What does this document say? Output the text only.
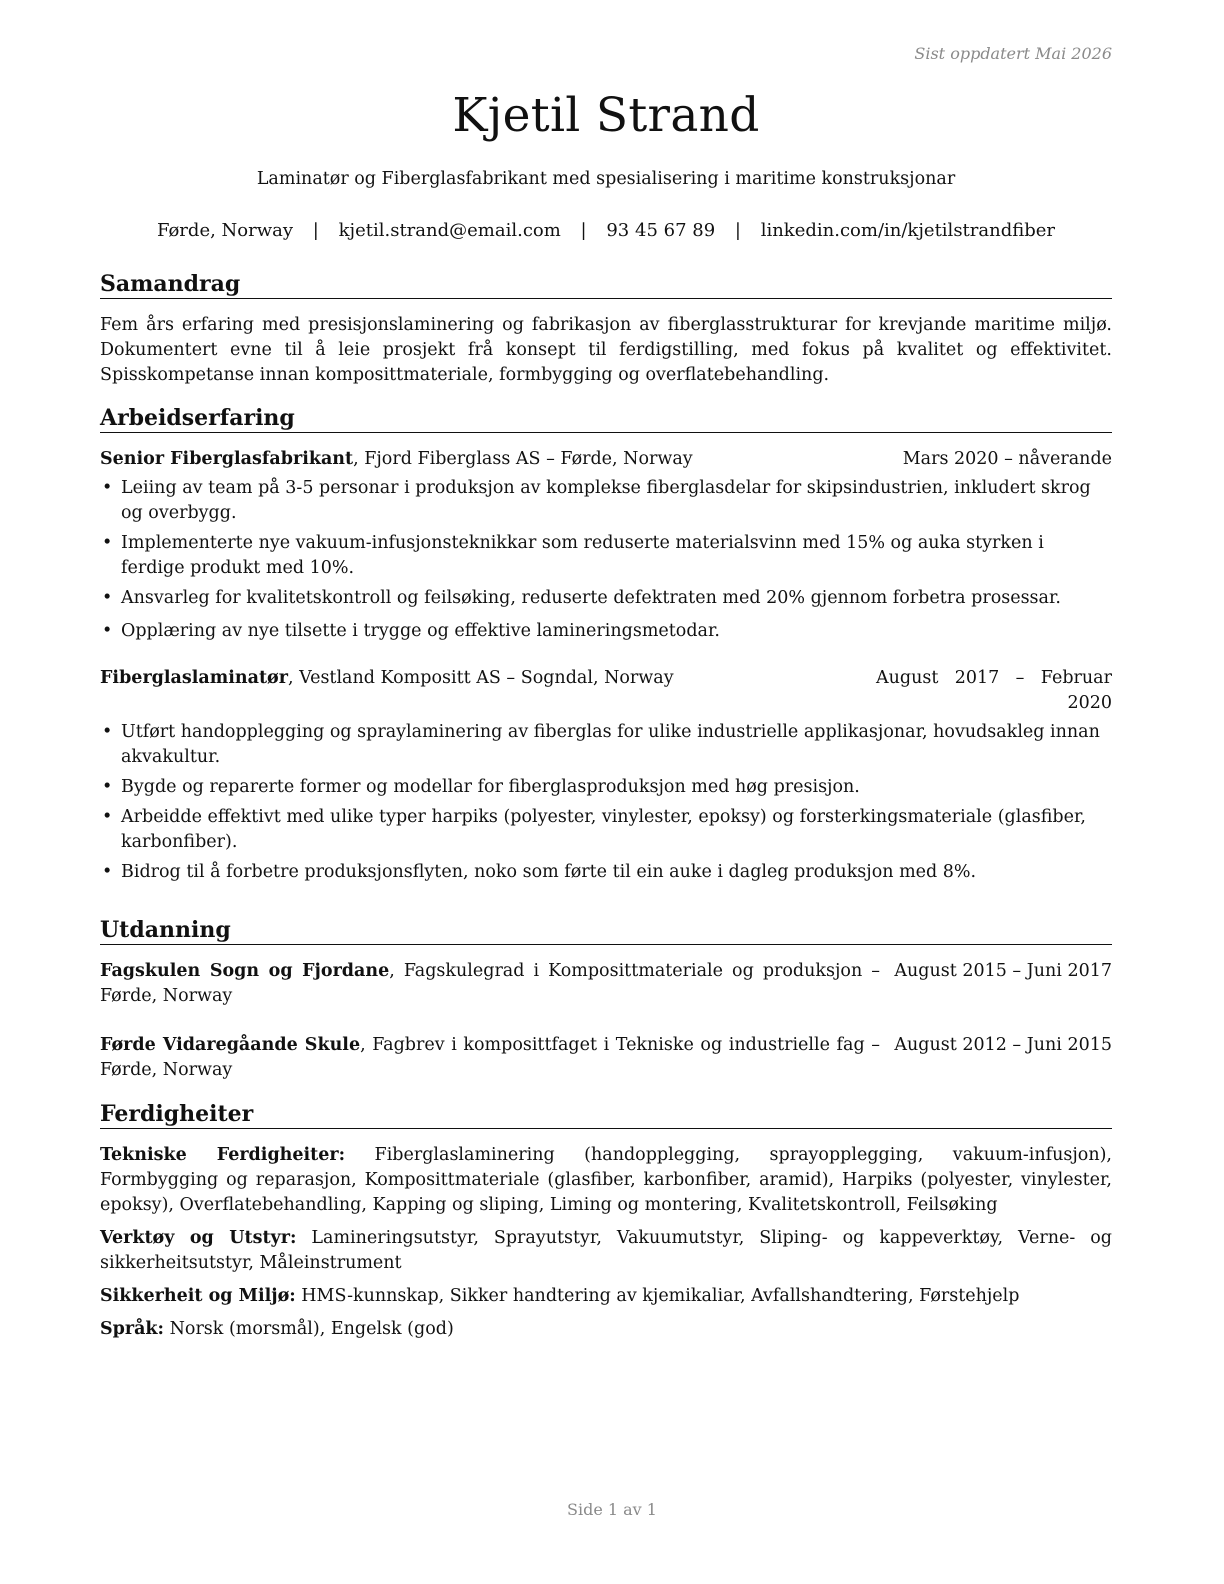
Sist oppdatert Mai 2026
Kjetil Strand
Laminatør og Fiberglasfabrikant med spesialisering i maritime konstruksjonar
Førde, Norway | kjetil.strand@email.com | 93 45 67 89 | linkedin.com/in/kjetilstrandfiber
Samandrag
Fem års erfaring med presisjonslaminering og fabrikasjon av fiberglasstrukturar for krevjande maritime miljø. Dokumentert evne til å leie prosjekt frå konsept til ferdigstilling, med fokus på kvalitet og effektivitet. Spisskompetanse innan komposittmateriale, formbygging og overflatebehandling.
Arbeidserfaring
Senior Fiberglasfabrikant, Fjord Fiberglass AS – Førde, Norway	Mars 2020 – nåverande
• Leiing av team på 3-5 personar i produksjon av komplekse fiberglasdelar for skipsindustrien, inkludert skrog og overbygg.
• Implementerte nye vakuum-infusjonsteknikkar som reduserte materialsvinn med 15% og auka styrken i ferdige produkt med 10%.
• Ansvarleg for kvalitetskontroll og feilsøking, reduserte defektraten med 20% gjennom forbetra prosessar.
• Opplæring av nye tilsette i trygge og effektive lamineringsmetodar.
Fiberglaslaminatør, Vestland Kompositt AS – Sogndal, Norway	August 2017 – Februar 2020
• Utført handopplegging og spraylaminering av fiberglas for ulike industrielle applikasjonar, hovudsakleg innan akvakultur.
• Bygde og reparerte former og modellar for fiberglasproduksjon med høg presisjon.
• Arbeidde effektivt med ulike typer harpiks (polyester, vinylester, epoksy) og forsterkingsmateriale (glasfiber, karbonfiber).
• Bidrog til å forbetre produksjonsflyten, noko som førte til ein auke i dagleg produksjon med 8%.
Utdanning
Fagskulen Sogn og Fjordane, Fagskulegrad i Komposittmateriale og produksjon – Førde, Norway
August 2015 – Juni 2017
Førde Vidaregåande Skule, Fagbrev i komposittfaget i Tekniske og industrielle fag – Førde, Norway
August 2012 – Juni 2015
Ferdigheiter
Tekniske Ferdigheiter: Fiberglaslaminering (handopplegging, sprayopplegging, vakuum-infusjon), Formbygging og reparasjon, Komposittmateriale (glasfiber, karbonfiber, aramid), Harpiks (polyester, vinylester, epoksy), Overflatebehandling, Kapping og sliping, Liming og montering, Kvalitetskontroll, Feilsøking
Verktøy og Utstyr: Lamineringsutstyr, Sprayutstyr, Vakuumutstyr, Sliping- og kappeverktøy, Verne- og sikkerheitsutstyr, Måleinstrument
Sikkerheit og Miljø: HMS-kunnskap, Sikker handtering av kjemikaliar, Avfallshandtering, Førstehjelp
Språk: Norsk (morsmål), Engelsk (god)
Side 1 av 1
